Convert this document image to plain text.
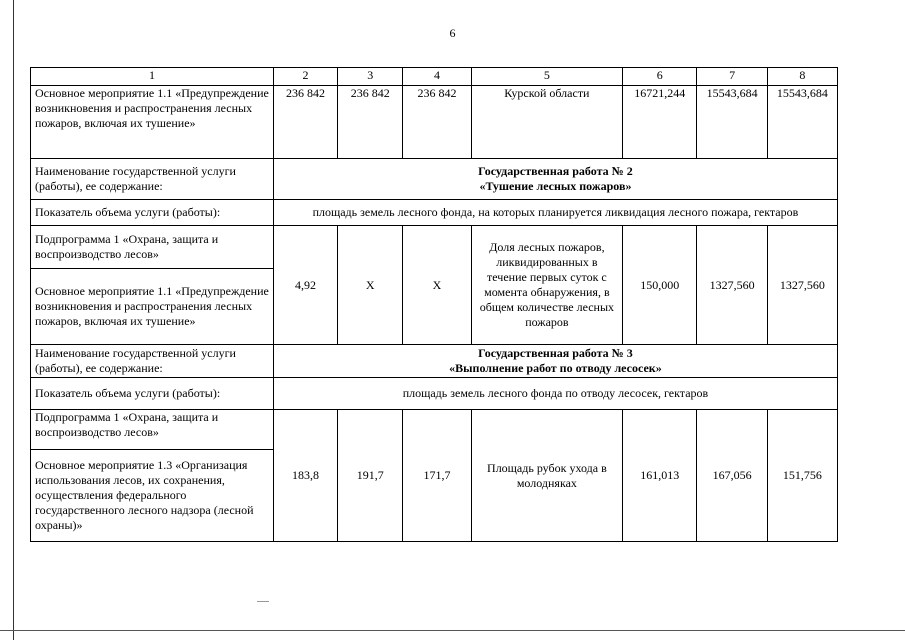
6
1	2	3	4	5	6	7	8
Основное мероприятие 1.1 «Предупреждение возникновения и распространения лесных пожаров, включая их тушение»	236 842	236 842	236 842	Курской области	16721,244	15543,684	15543,684
Наименование государственной услуги (работы), ее содержание:	Государственная работа № 2
«Тушение лесных пожаров»						

Показатель объема услуги (работы):	площадь земель лесного фонда, на которых планируется ликвидация лесного пожара, гектаров						
Подпрограмма 1 «Охрана, защита и воспроизводство лесов»	4,92	X	X	Доля лесных пожаров, ликвидированных в течение первых суток с момента обнаружения, в общем количестве лесных пожаров	150,000	1327,560	1327,560
Основное мероприятие 1.1 «Предупреждение возникновения и распространения лесных пожаров, включая их тушение»							
Наименование государственной услуги (работы), ее содержание:	Государственная работа № 3
«Выполнение работ по отводу лесосек»						

Показатель объема услуги (работы):	площадь земель лесного фонда по отводу лесосек, гектаров						
Подпрограмма 1 «Охрана, защита и воспроизводство лесов»	183,8	191,7	171,7	Площадь рубок ухода в молодняках	161,013	167,056	151,756
Основное мероприятие 1.3 «Организация использования лесов, их сохранения, осуществления федерального государственного лесного надзора (лесной охраны)»							
